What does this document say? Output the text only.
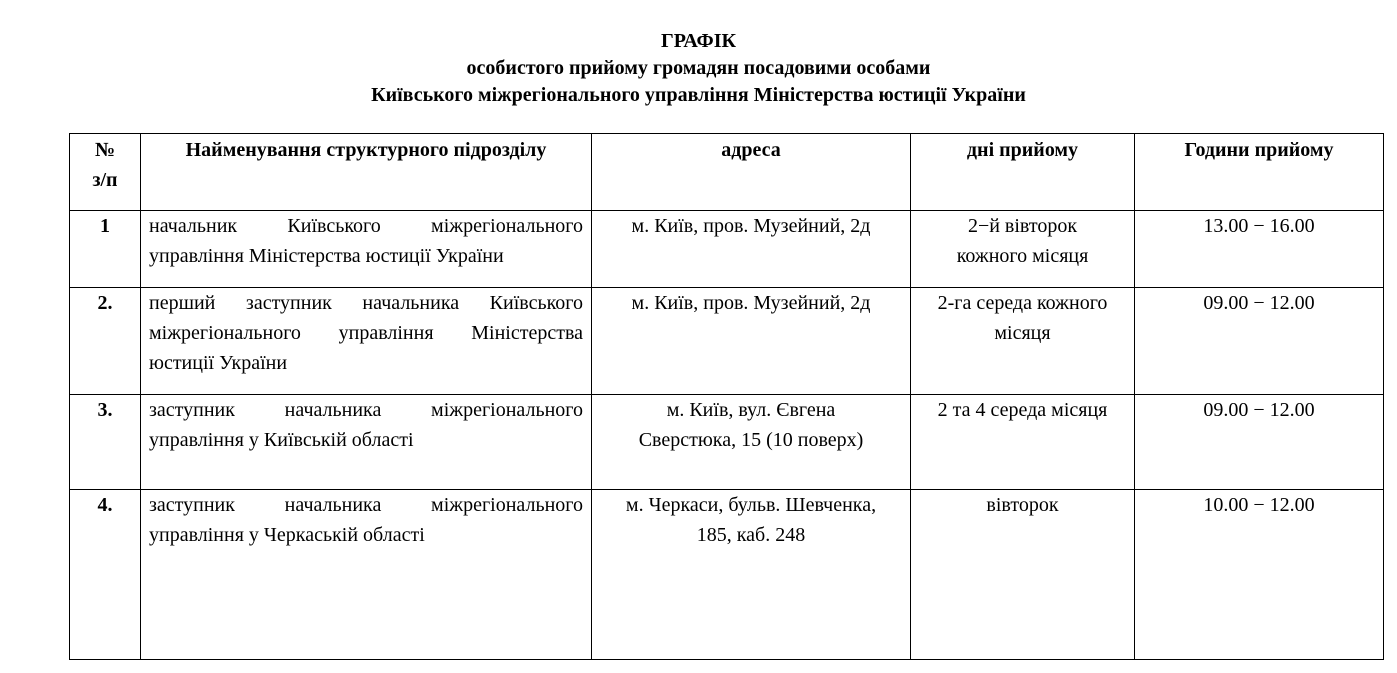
ГРАФІК
особистого прийому громадян посадовими особами
Київського міжрегіонального управління Міністерства юстиції України
№
з/п	Найменування структурного підрозділу	адреса	дні прийому	Години прийому
1	начальник Київського міжрегіонального управління Міністерства юстиції України	м. Київ, пров. Музейний, 2д	2−й вівторок
кожного місяця	13.00 − 16.00
2.	перший заступник начальника Київського міжрегіонального управління Міністерства юстиції України	м. Київ, пров. Музейний, 2д	2-га середа кожного
місяця	09.00 − 12.00
3.	заступник начальника міжрегіонального управління у Київській області	м. Київ, вул. Євгена
Сверстюка, 15 (10 поверх)	2 та 4 середа місяця	09.00 − 12.00
4.	заступник начальника міжрегіонального управління у Черкаській області	м. Черкаси, бульв. Шевченка,
185, каб. 248	вівторок	10.00 − 12.00
